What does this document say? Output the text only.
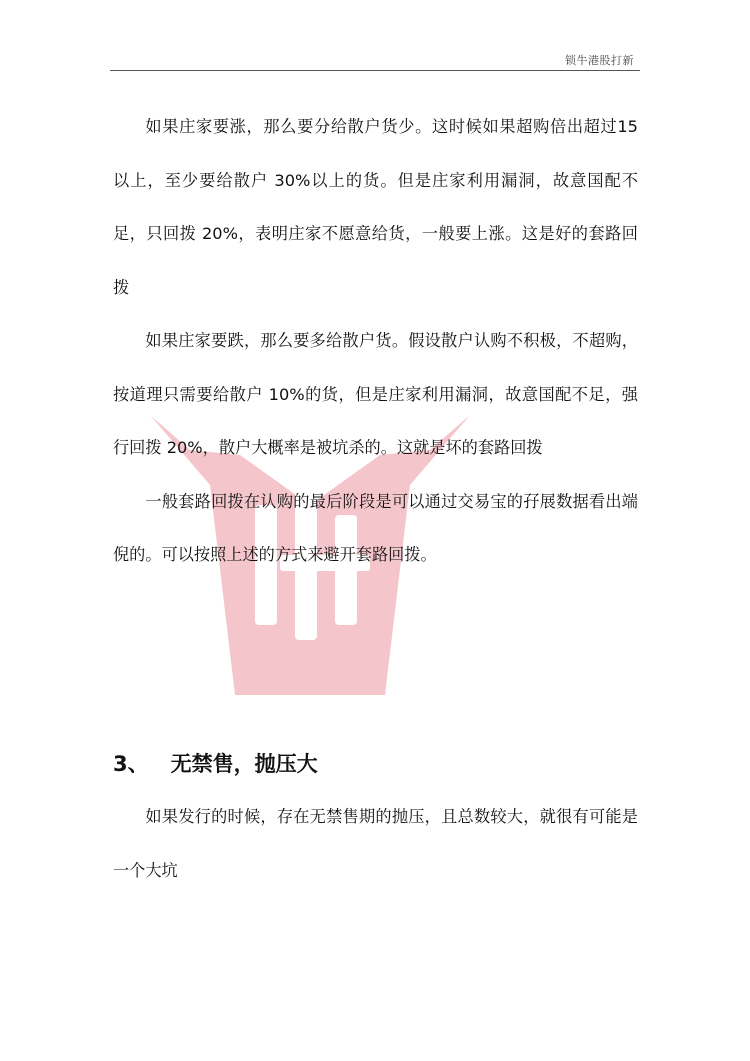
锁牛港股打新

如果庄家要涨，那么要分给散户货少。这时候如果超购倍出超过15 以上，至少要给散户 30%以上的货。但是庄家利用漏洞，故意国配不足，只回拨 20%，表明庄家不愿意给货，一般要上涨。这是好的套路回拨

如果庄家要跌，那么要多给散户货。假设散户认购不积极，不超购，按道理只需要给散户 10%的货，但是庄家利用漏洞，故意国配不足，强行回拨 20%，散户大概率是被坑杀的。这就是坏的套路回拨

一般套路回拨在认购的最后阶段是可以通过交易宝的孖展数据看出端倪的。可以按照上述的方式来避开套路回拨。

3、 无禁售，抛压大

如果发行的时候，存在无禁售期的抛压，且总数较大，就很有可能是一个大坑
